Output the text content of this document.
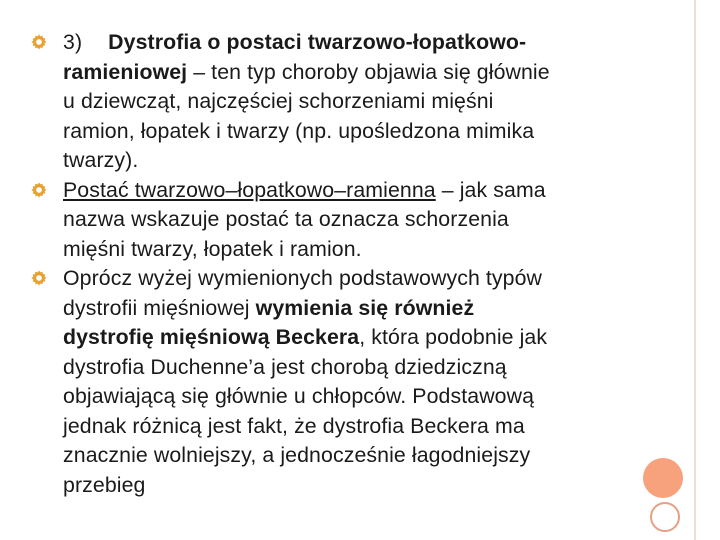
3) Dystrofia o postaci twarzowo-łopatkowo-
ramieniowej – ten typ choroby objawia się głównie
u dziewcząt, najczęściej schorzeniami mięśni
ramion, łopatek i twarzy (np. upośledzona mimika
twarzy).
Postać twarzowo–łopatkowo–ramienna – jak sama
nazwa wskazuje postać ta oznacza schorzenia
mięśni twarzy, łopatek i ramion.
Oprócz wyżej wymienionych podstawowych typów
dystrofii mięśniowej wymienia się również
dystrofię mięśniową Beckera, która podobnie jak
dystrofia Duchenne’a jest chorobą dziedziczną
objawiającą się głównie u chłopców. Podstawową
jednak różnicą jest fakt, że dystrofia Beckera ma
znacznie wolniejszy, a jednocześnie łagodniejszy
przebieg
